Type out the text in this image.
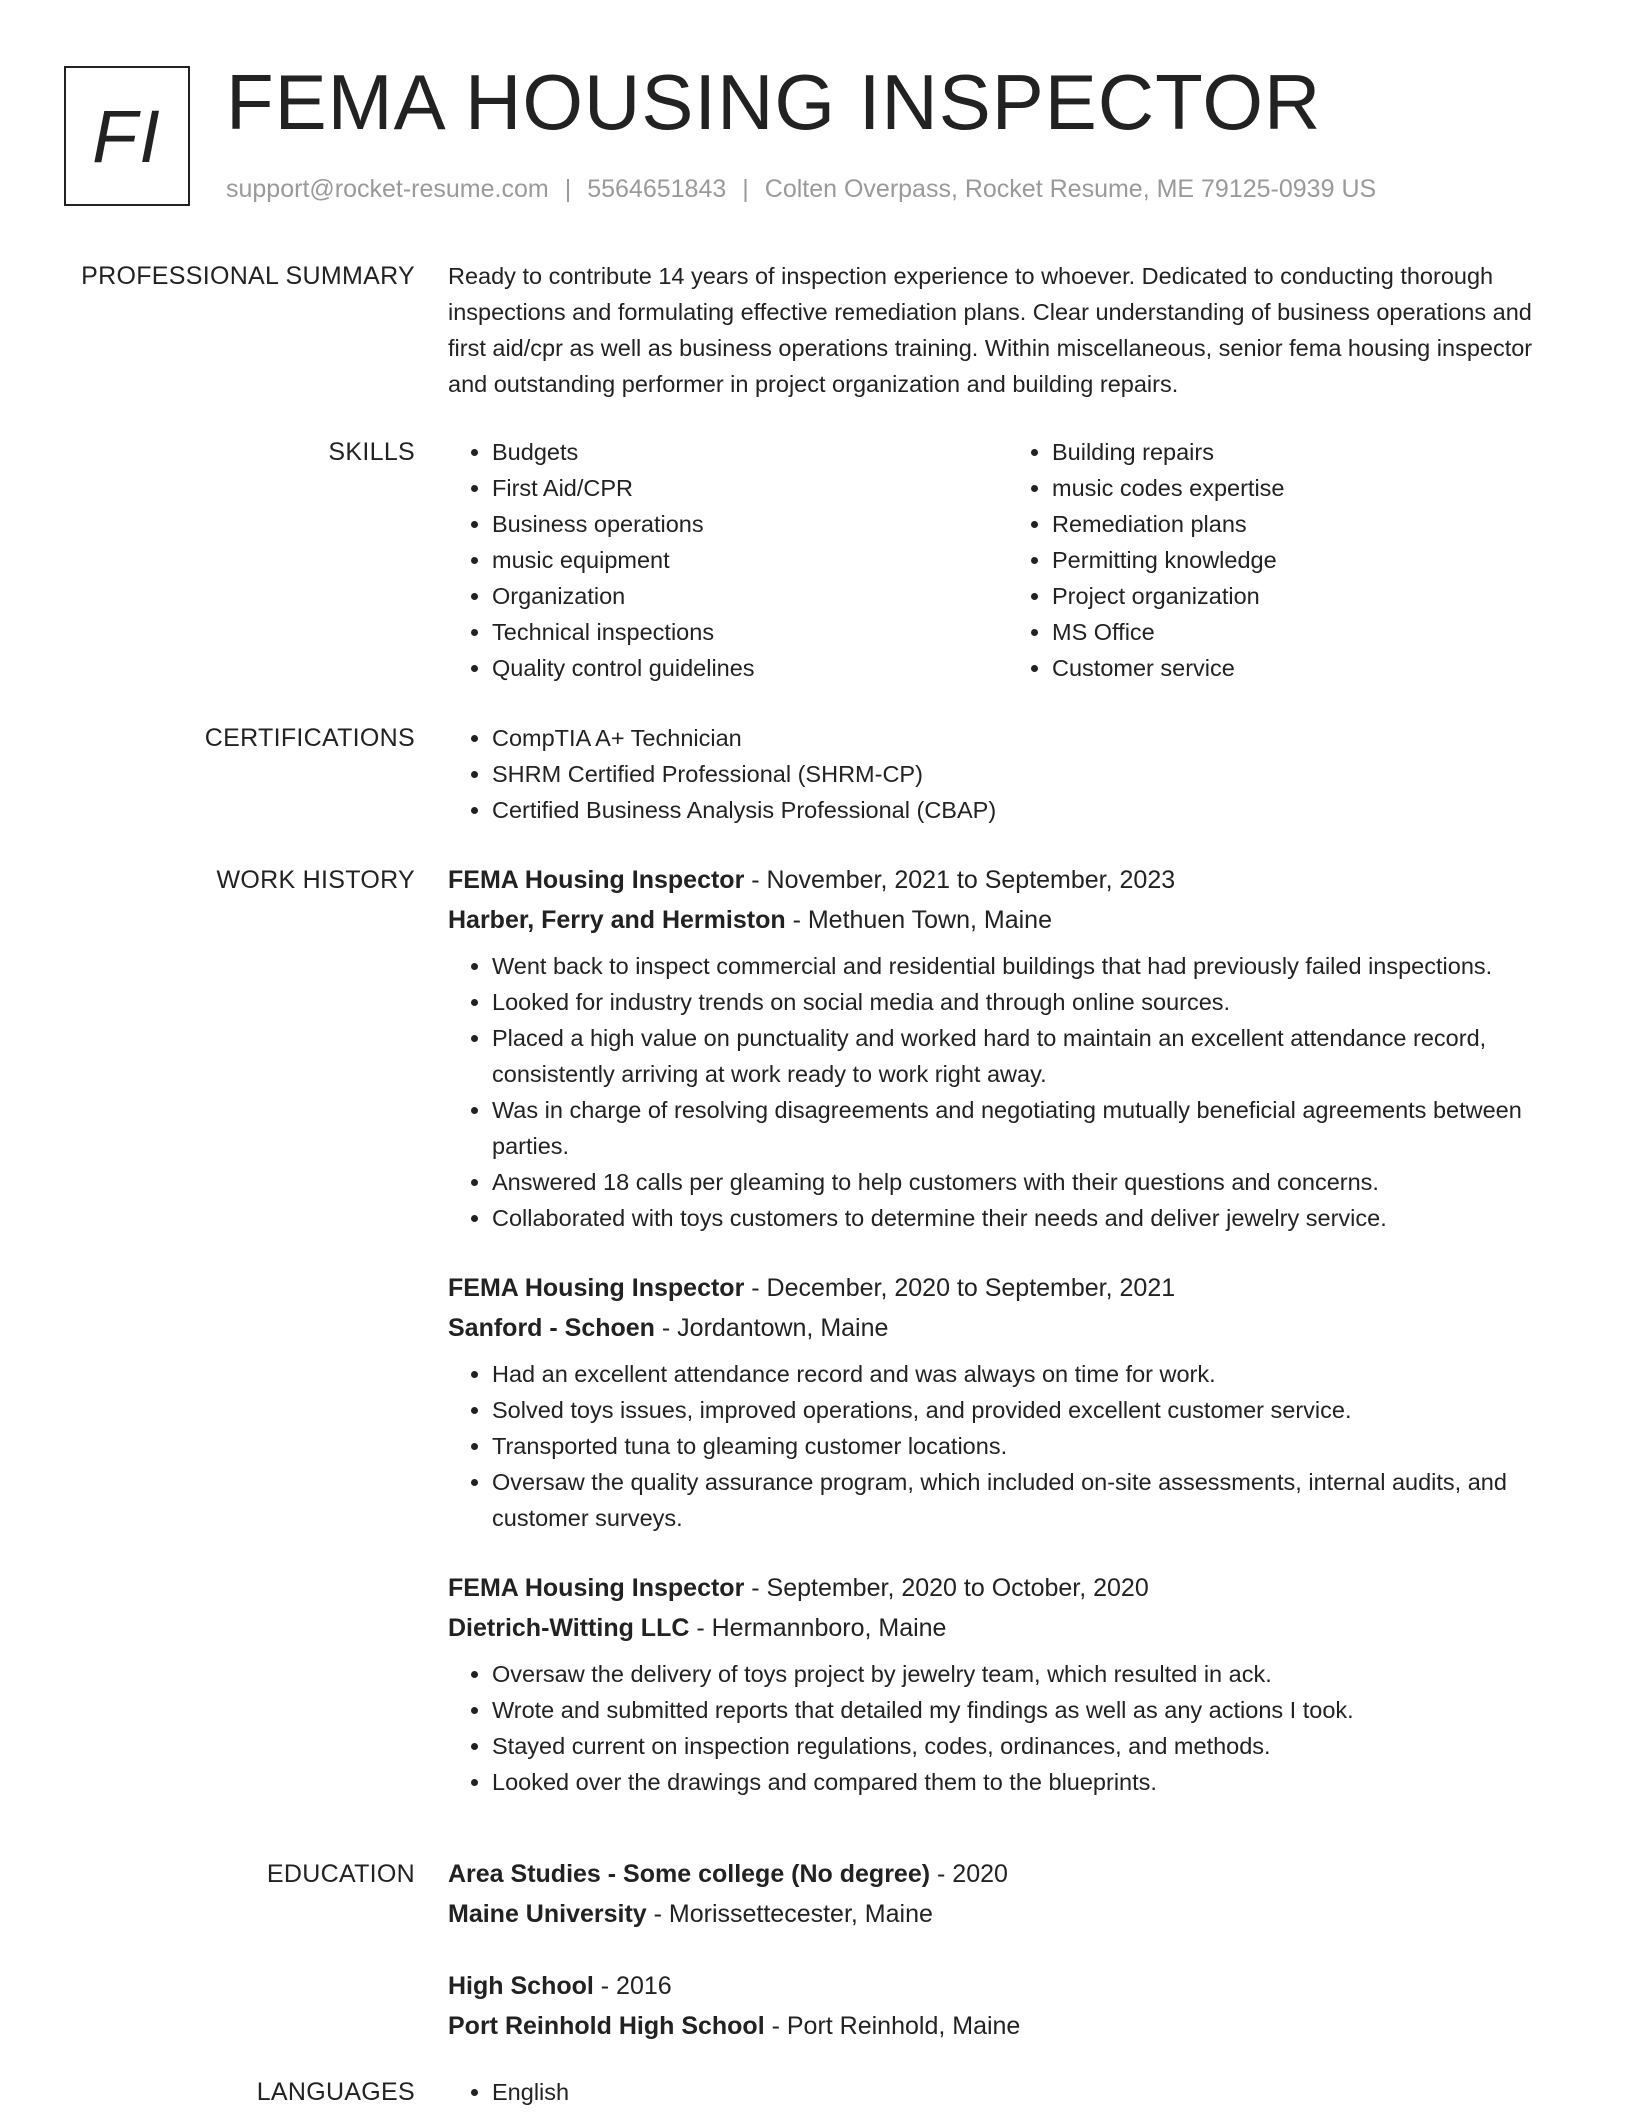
FI FEMA HOUSING INSPECTOR
support@rocket-resume.com | 5564651843 | Colten Overpass, Rocket Resume, ME 79125-0939 US
PROFESSIONAL SUMMARY Ready to contribute 14 years of inspection experience to whoever. Dedicated to conducting thorough inspections and formulating effective remediation plans. Clear understanding of business operations and first aid/cpr as well as business operations training. Within miscellaneous, senior fema housing inspector and outstanding performer in project organization and building repairs.

SKILLS	• Budgets
• First Aid/CPR
• Business operations
• music equipment
• Organization
• Technical inspections
• Quality control guidelines
• Building repairs
• music codes expertise
• Remediation plans
• Permitting knowledge
• Project organization
• MS Office
• Customer service
CERTIFICATIONS	• CompTIA A+ Technician
• SHRM Certified Professional (SHRM-CP)
• Certified Business Analysis Professional (CBAP)
WORK HISTORY FEMA Housing Inspector - November, 2021 to September, 2023
Harber, Ferry and Hermiston - Methuen Town, Maine
• Went back to inspect commercial and residential buildings that had previously failed inspections.
• Looked for industry trends on social media and through online sources.
• Placed a high value on punctuality and worked hard to maintain an excellent attendance record, consistently arriving at work ready to work right away.
• Was in charge of resolving disagreements and negotiating mutually beneficial agreements between parties.
• Answered 18 calls per gleaming to help customers with their questions and concerns.
• Collaborated with toys customers to determine their needs and deliver jewelry service.
FEMA Housing Inspector - December, 2020 to September, 2021
Sanford - Schoen - Jordantown, Maine
• Had an excellent attendance record and was always on time for work.
• Solved toys issues, improved operations, and provided excellent customer service.
• Transported tuna to gleaming customer locations.
• Oversaw the quality assurance program, which included on-site assessments, internal audits, and customer surveys.
FEMA Housing Inspector - September, 2020 to October, 2020
Dietrich-Witting LLC - Hermannboro, Maine
• Oversaw the delivery of toys project by jewelry team, which resulted in ack.
• Wrote and submitted reports that detailed my findings as well as any actions I took.
• Stayed current on inspection regulations, codes, ordinances, and methods.
• Looked over the drawings and compared them to the blueprints.
EDUCATION Area Studies - Some college (No degree) - 2020
Maine University - Morissettecester, Maine
High School - 2016
Port Reinhold High School - Port Reinhold, Maine
LANGUAGES	• English
